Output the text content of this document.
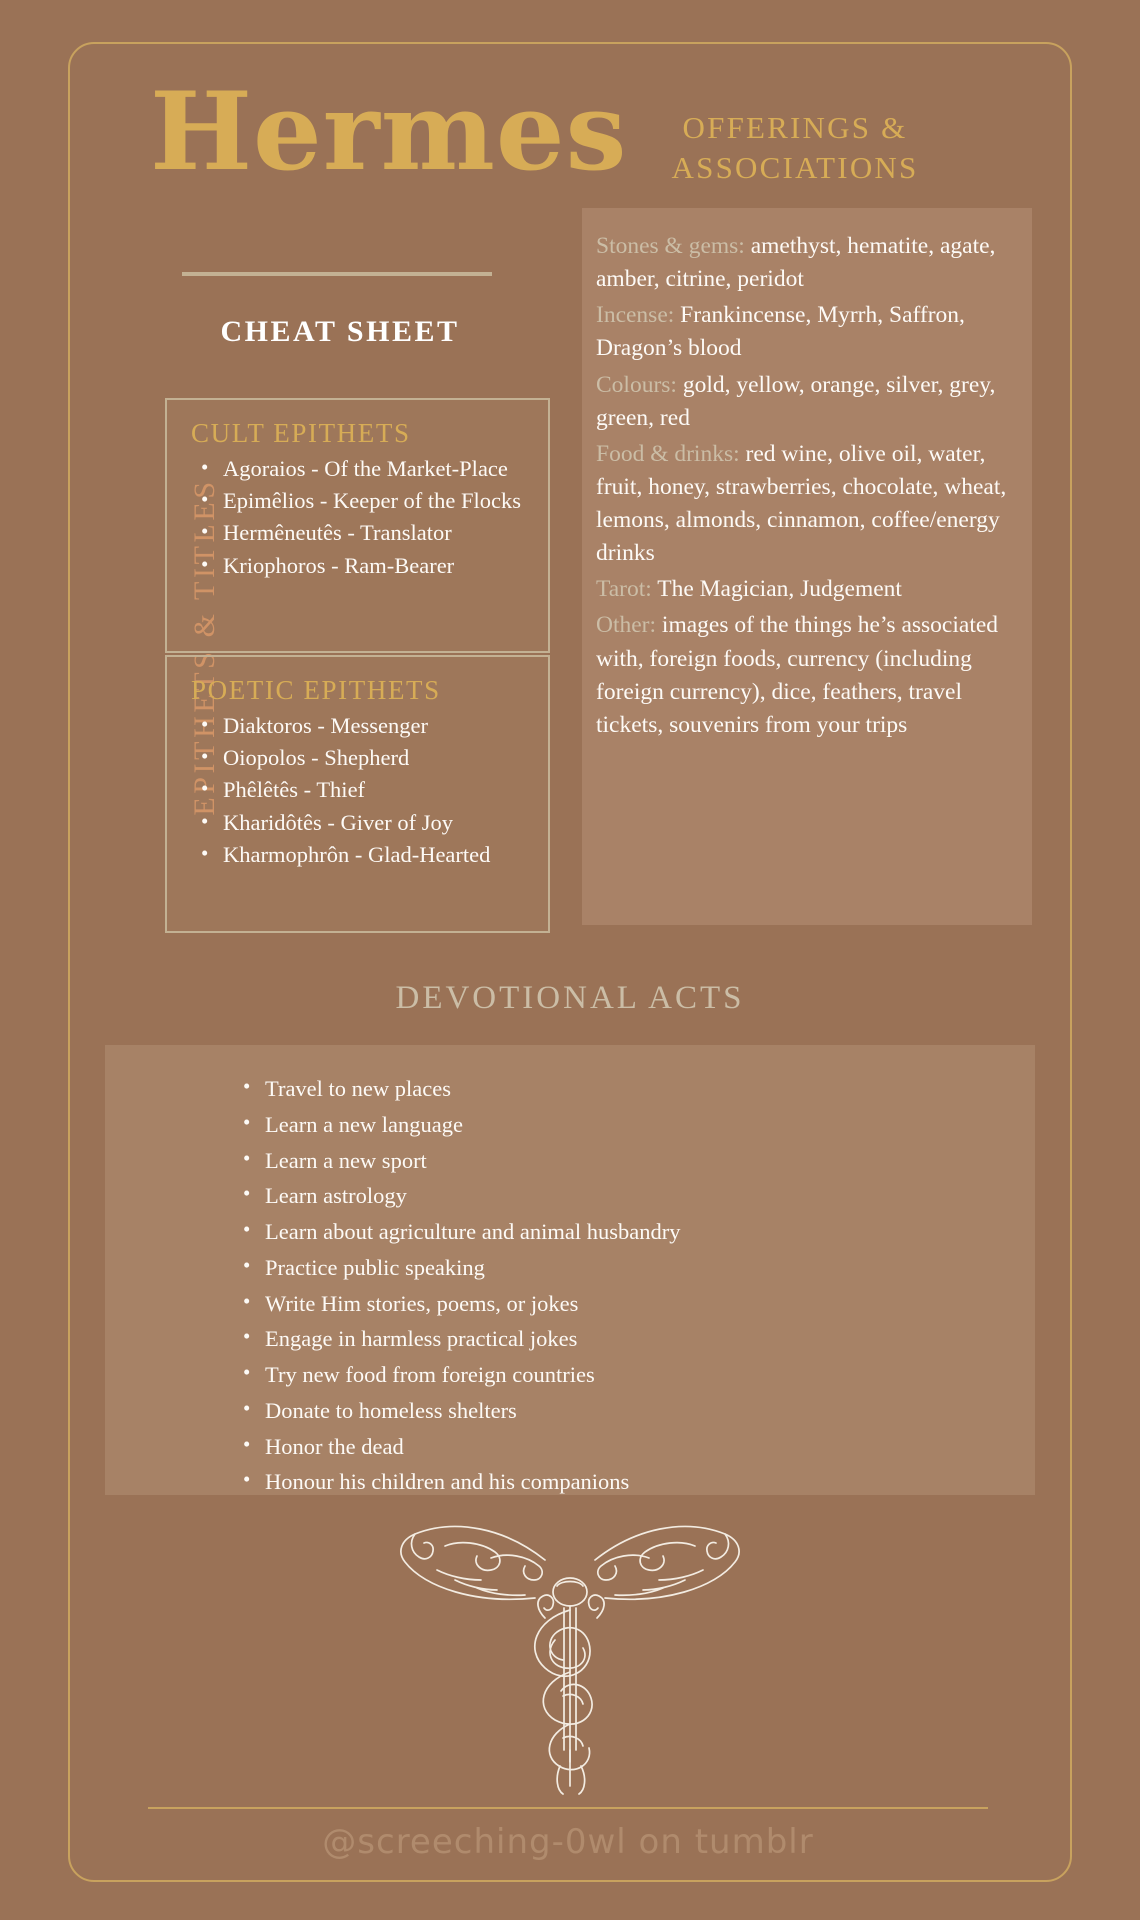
Hermes
CHEAT SHEET
EPITHETS & TITLES
CULT EPITHETS
• Agoraios - Of the Market-Place
• Epimêlios - Keeper of the Flocks
• Hermêneutês - Translator
• Kriophoros - Ram-Bearer
POETIC EPITHETS
• Diaktoros - Messenger
• Oiopolos - Shepherd
• Phêlêtês - Thief
• Kharidôtês - Giver of Joy
• Kharmophrôn - Glad-Hearted
OFFERINGS & ASSOCIATIONS
Stones & gems: amethyst, hematite, agate, amber, citrine, peridot
Incense: Frankincense, Myrrh, Saffron, Dragon’s blood
Colours: gold, yellow, orange, silver, grey, green, red
Food & drinks: red wine, olive oil, water, fruit, honey, strawberries, chocolate, wheat, lemons, almonds, cinnamon, coffee/energy drinks
Tarot: The Magician, Judgement
Other: images of the things he’s associated with, foreign foods, currency (including foreign currency), dice, feathers, travel tickets, souvenirs from your trips
DEVOTIONAL ACTS
• Travel to new places
• Learn a new language
• Learn a new sport
• Learn astrology
• Learn about agriculture and animal husbandry
• Practice public speaking
• Write Him stories, poems, or jokes
• Engage in harmless practical jokes
• Try new food from foreign countries
• Donate to homeless shelters
• Honor the dead
• Honour his children and his companions
@screeching-0wl on tumblr
